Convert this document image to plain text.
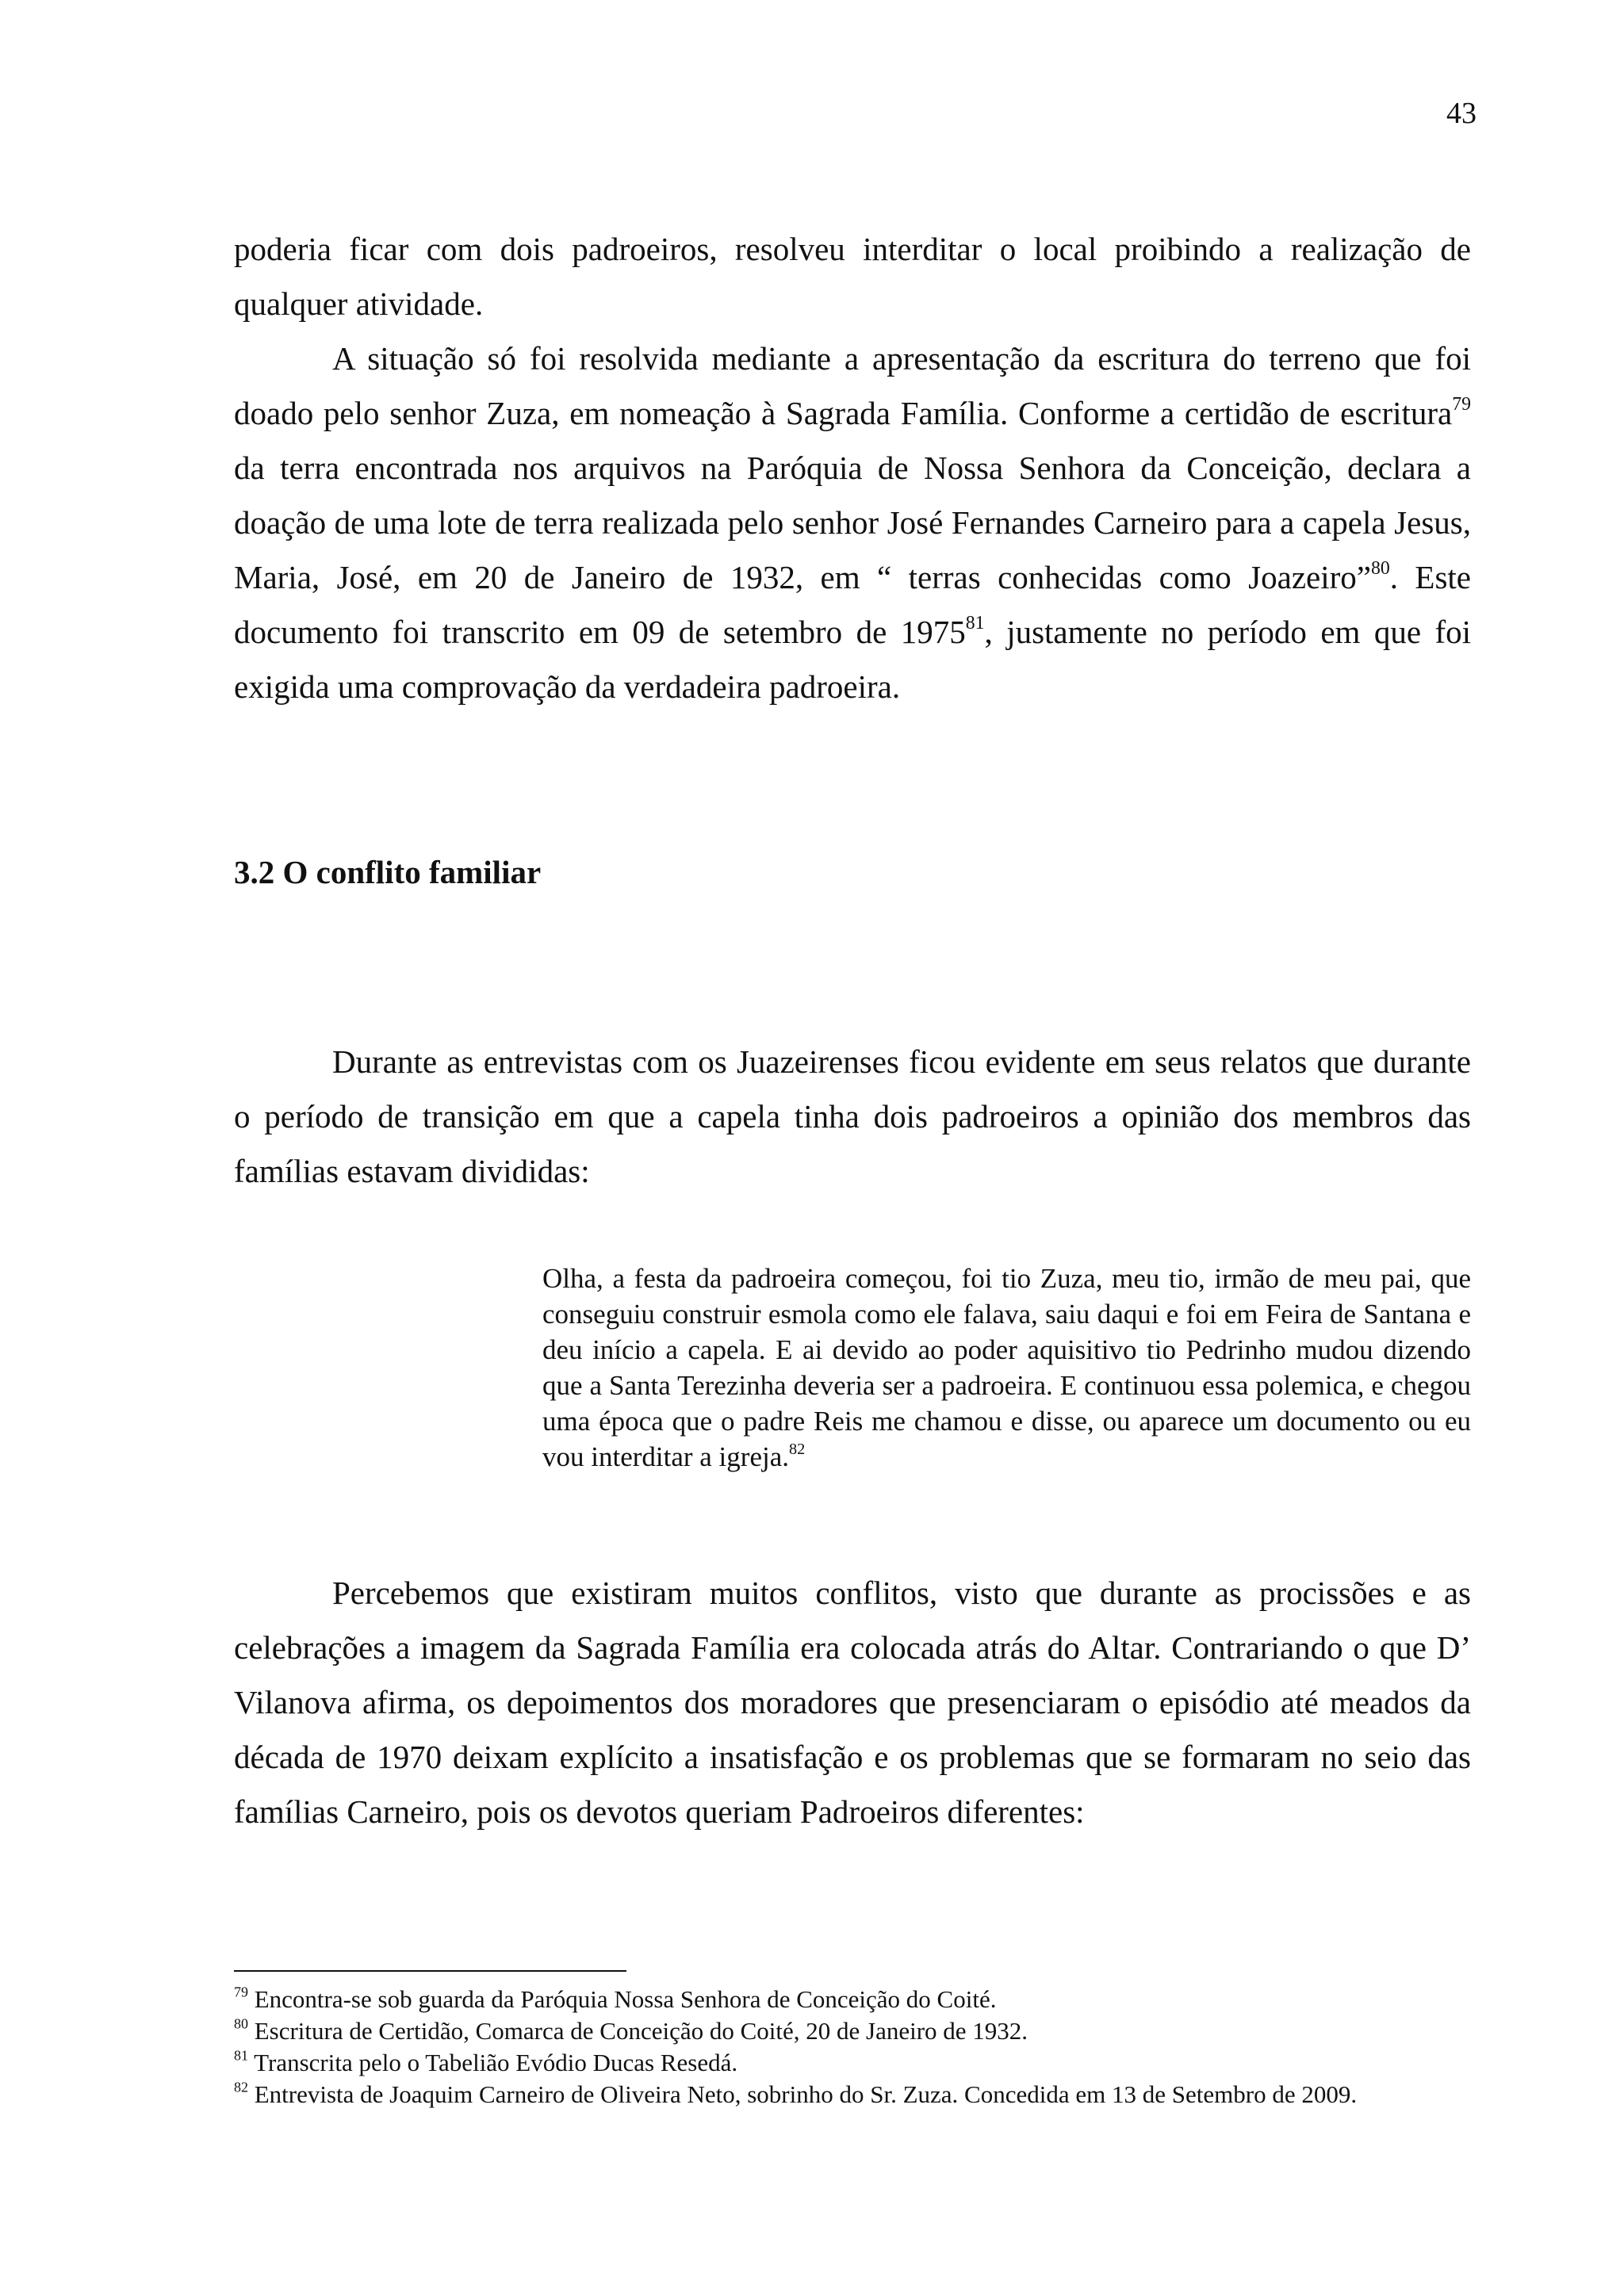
43

poderia ficar com dois padroeiros, resolveu interditar o local proibindo a realização de qualquer atividade.

A situação só foi resolvida mediante a apresentação da escritura do terreno que foi doado pelo senhor Zuza, em nomeação à Sagrada Família. Conforme a certidão de escritura$^{79}$ da terra encontrada nos arquivos na Paróquia de Nossa Senhora da Conceição, declara a doação de uma lote de terra realizada pelo senhor José Fernandes Carneiro para a capela Jesus, Maria, José, em 20 de Janeiro de 1932, em “ terras conhecidas como Joazeiro”$^{80}$. Este documento foi transcrito em 09 de setembro de 1975$^{81}$, justamente no período em que foi exigida uma comprovação da verdadeira padroeira.

3.2 O conflito familiar

Durante as entrevistas com os Juazeirenses ficou evidente em seus relatos que durante o período de transição em que a capela tinha dois padroeiros a opinião dos membros das famílias estavam divididas:

Olha, a festa da padroeira começou, foi tio Zuza, meu tio, irmão de meu pai, que conseguiu construir esmola como ele falava, saiu daqui e foi em Feira de Santana e deu início a capela. E ai devido ao poder aquisitivo tio Pedrinho mudou dizendo que a Santa Terezinha deveria ser a padroeira. E continuou essa polemica, e chegou uma época que o padre Reis me chamou e disse, ou aparece um documento ou eu vou interditar a igreja.$^{82}$

Percebemos que existiram muitos conflitos, visto que durante as procissões e as celebrações a imagem da Sagrada Família era colocada atrás do Altar. Contrariando o que D’ Vilanova afirma, os depoimentos dos moradores que presenciaram o episódio até meados da década de 1970 deixam explícito a insatisfação e os problemas que se formaram no seio das famílias Carneiro, pois os devotos queriam Padroeiros diferentes:

$^{79}$ Encontra-se sob guarda da Paróquia Nossa Senhora de Conceição do Coité.

$^{80}$ Escritura de Certidão, Comarca de Conceição do Coité, 20 de Janeiro de 1932.

$^{81}$ Transcrita pelo o Tabelião Evódio Ducas Resedá.

$^{82}$ Entrevista de Joaquim Carneiro de Oliveira Neto, sobrinho do Sr. Zuza. Concedida em 13 de Setembro de 2009.
